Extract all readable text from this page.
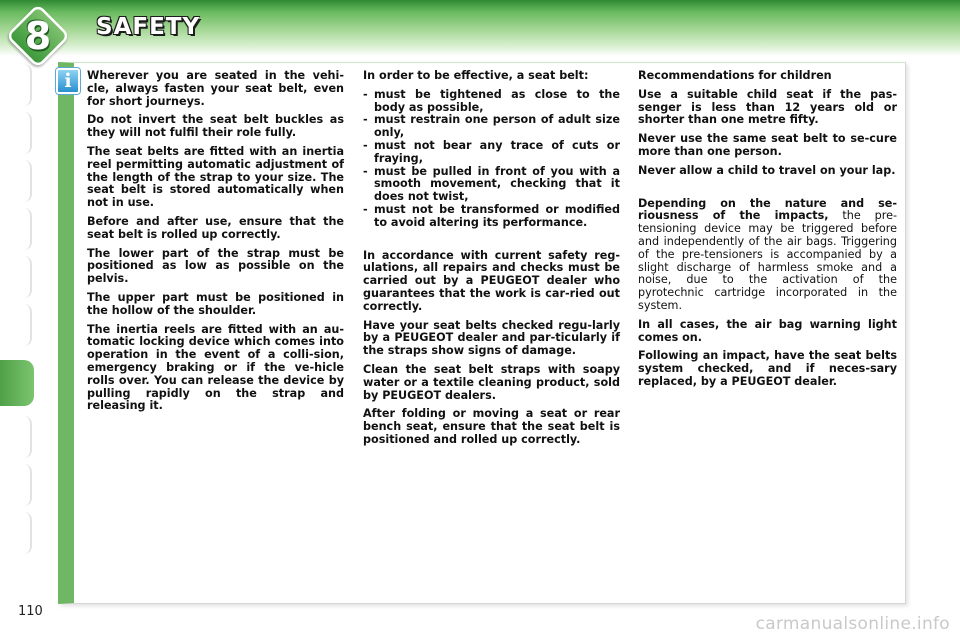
8	SAFETY
i	Wherever you are seated in the vehi-cle, always fasten your seat belt, even for short journeys.

Do not invert the seat belt buckles as they will not fulfil their role fully.

The seat belts are fitted with an inertia reel permitting automatic adjustment of the length of the strap to your size. The seat belt is stored automatically when not in use.

Before and after use, ensure that the seat belt is rolled up correctly.

The lower part of the strap must be positioned as low as possible on the pelvis.

The upper part must be positioned in the hollow of the shoulder.

The inertia reels are fitted with an au-tomatic locking device which comes into operation in the event of a colli-sion, emergency braking or if the ve-hicle rolls over. You can release the device by pulling rapidly on the strap and releasing it.

In order to be effective, a seat belt:

- must be tightened as close to the body as possible,
- must restrain one person of adult size only,
- must not bear any trace of cuts or fraying,
- must be pulled in front of you with a smooth movement, checking that it does not twist,
- must not be transformed or modified to avoid altering its performance.

In accordance with current safety reg-ulations, all repairs and checks must be carried out by a PEUGEOT dealer who guarantees that the work is car-ried out correctly.

Have your seat belts checked regu-larly by a PEUGEOT dealer and par-ticularly if the straps show signs of damage.

Clean the seat belt straps with soapy water or a textile cleaning product, sold by PEUGEOT dealers.

After folding or moving a seat or rear bench seat, ensure that the seat belt is positioned and rolled up correctly.

Recommendations for children

Use a suitable child seat if the pas-senger is less than 12 years old or shorter than one metre fifty.

Never use the same seat belt to se-cure more than one person.

Never allow a child to travel on your lap.

Depending on the nature and se-riousness of the impacts, the pre-tensioning device may be triggered before and independently of the air bags. Triggering of the pre-tensioners is accompanied by a slight discharge of harmless smoke and a noise, due to the activation of the pyrotechnic cartridge incorporated in the system.

In all cases, the air bag warning light comes on.

Following an impact, have the seat belts system checked, and if neces-sary replaced, by a PEUGEOT dealer.

110
carmanualsonline.info
